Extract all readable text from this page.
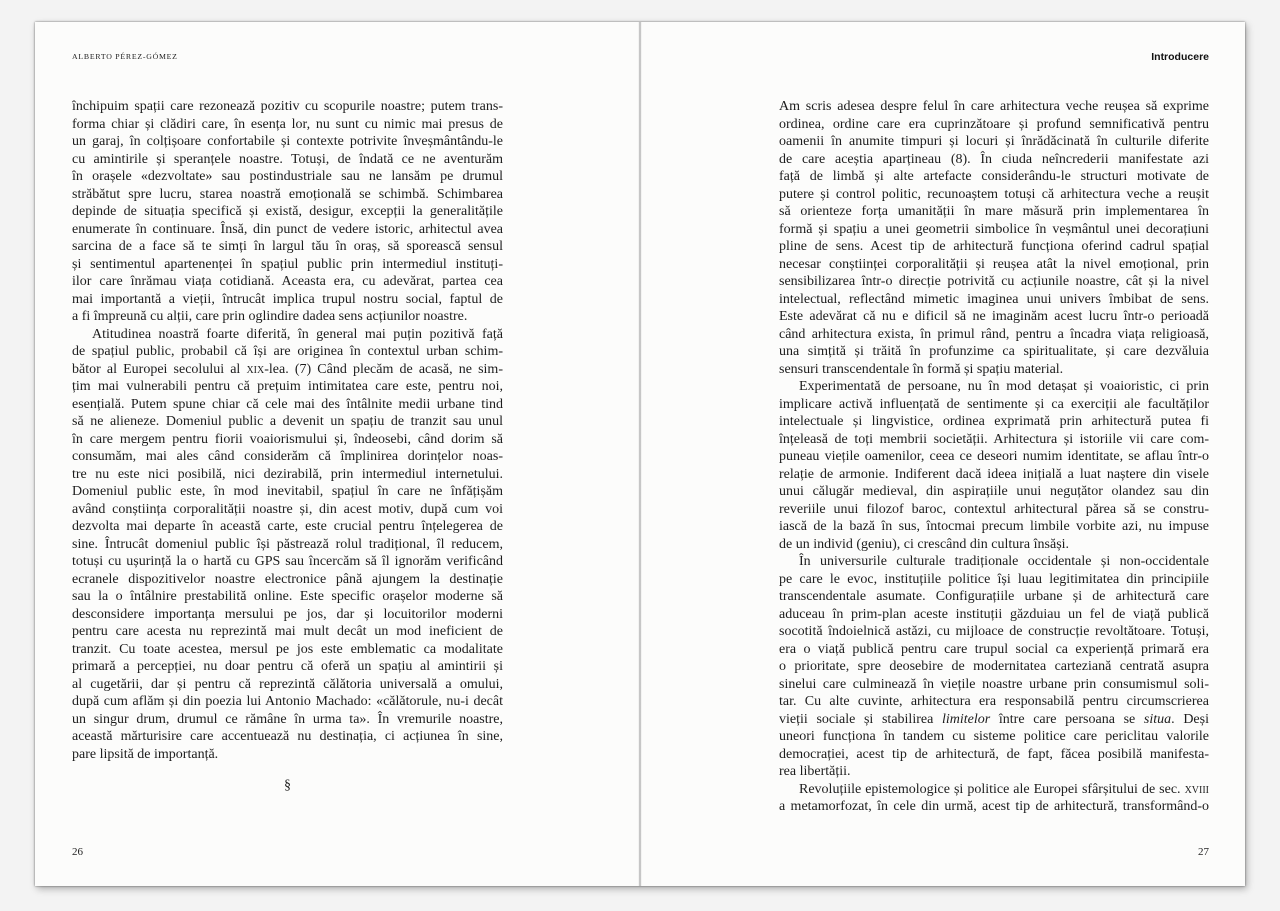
ALBERTO PÉREZ-GÓMEZ
închipuim spații care rezonează pozitiv cu scopurile noastre; putem trans-
forma chiar și clădiri care, în esența lor, nu sunt cu nimic mai presus de
un garaj, în colțișoare confortabile și contexte potrivite înveșmântându-le
cu amintirile și speranțele noastre. Totuși, de îndată ce ne aventurăm
în orașele «dezvoltate» sau postindustriale sau ne lansăm pe drumul
străbătut spre lucru, starea noastră emoțională se schimbă. Schimbarea
depinde de situația specifică și există, desigur, excepții la generalitățile
enumerate în continuare. Însă, din punct de vedere istoric, arhitectul avea
sarcina de a face să te simți în largul tău în oraș, să sporească sensul
și sentimentul apartenenței în spațiul public prin intermediul instituți-
ilor care înrămau viața cotidiană. Aceasta era, cu adevărat, partea cea
mai importantă a vieții, întrucât implica trupul nostru social, faptul de
a fi împreună cu alții, care prin oglindire dadea sens acțiunilor noastre.
Atitudinea noastră foarte diferită, în general mai puțin pozitivă față
de spațiul public, probabil că își are originea în contextul urban schim-
bător al Europei secolului al xix-lea. (7) Când plecăm de acasă, ne sim-
țim mai vulnerabili pentru că prețuim intimitatea care este, pentru noi,
esențială. Putem spune chiar că cele mai des întâlnite medii urbane tind
să ne alieneze. Domeniul public a devenit un spațiu de tranzit sau unul
în care mergem pentru fiorii voaiorismului și, îndeosebi, când dorim să
consumăm, mai ales când considerăm că împlinirea dorințelor noas-
tre nu este nici posibilă, nici dezirabilă, prin intermediul internetului.
Domeniul public este, în mod inevitabil, spațiul în care ne înfățișăm
având conștiința corporalității noastre și, din acest motiv, după cum voi
dezvolta mai departe în această carte, este crucial pentru înțelegerea de
sine. Întrucât domeniul public își păstrează rolul tradițional, îl reducem,
totuși cu ușurință la o hartă cu GPS sau încercăm să îl ignorăm verificând
ecranele dispozitivelor noastre electronice până ajungem la destinație
sau la o întâlnire prestabilită online. Este specific orașelor moderne să
desconsidere importanța mersului pe jos, dar și locuitorilor moderni
pentru care acesta nu reprezintă mai mult decât un mod ineficient de
tranzit. Cu toate acestea, mersul pe jos este emblematic ca modalitate
primară a percepției, nu doar pentru că oferă un spațiu al amintirii și
al cugetării, dar și pentru că reprezintă călătoria universală a omului,
după cum aflăm și din poezia lui Antonio Machado: «călătorule, nu-i decât
un singur drum, drumul ce rămâne în urma ta». În vremurile noastre,
această mărturisire care accentuează nu destinația, ci acțiunea în sine,
pare lipsită de importanță.
§
26
Introducere
Am scris adesea despre felul în care arhitectura veche reușea să exprime
ordinea, ordine care era cuprinzătoare și profund semnificativă pentru
oamenii în anumite timpuri și locuri și înrădăcinată în culturile diferite
de care aceștia aparțineau (8). În ciuda neîncrederii manifestate azi
față de limbă și alte artefacte considerându-le structuri motivate de
putere și control politic, recunoaștem totuși că arhitectura veche a reușit
să orienteze forța umanității în mare măsură prin implementarea în
formă și spațiu a unei geometrii simbolice în veșmântul unei decorațiuni
pline de sens. Acest tip de arhitectură funcționa oferind cadrul spațial
necesar conștiinței corporalității și reușea atât la nivel emoțional, prin
sensibilizarea într-o direcție potrivită cu acțiunile noastre, cât și la nivel
intelectual, reflectând mimetic imaginea unui univers îmbibat de sens.
Este adevărat că nu e dificil să ne imaginăm acest lucru într-o perioadă
când arhitectura exista, în primul rând, pentru a încadra viața religioasă,
una simțită și trăită în profunzime ca spiritualitate, și care dezvăluia
sensuri transcendentale în formă și spațiu material.
Experimentată de persoane, nu în mod detașat și voaioristic, ci prin
implicare activă influențată de sentimente și ca exerciții ale facultăților
intelectuale și lingvistice, ordinea exprimată prin arhitectură putea fi
înțeleasă de toți membrii societății. Arhitectura și istoriile vii care com-
puneau viețile oamenilor, ceea ce deseori numim identitate, se aflau într-o
relație de armonie. Indiferent dacă ideea inițială a luat naștere din visele
unui călugăr medieval, din aspirațiile unui neguțător olandez sau din
reveriile unui filozof baroc, contextul arhitectural părea să se constru-
iască de la bază în sus, întocmai precum limbile vorbite azi, nu impuse
de un individ (geniu), ci crescând din cultura însăși.
În universurile culturale tradiționale occidentale și non-occidentale
pe care le evoc, instituțiile politice își luau legitimitatea din principiile
transcendentale asumate. Configurațiile urbane și de arhitectură care
aduceau în prim-plan aceste instituții găzduiau un fel de viață publică
socotită îndoielnică astăzi, cu mijloace de construcție revoltătoare. Totuși,
era o viață publică pentru care trupul social ca experiență primară era
o prioritate, spre deosebire de modernitatea carteziană centrată asupra
sinelui care culminează în viețile noastre urbane prin consumismul soli-
tar. Cu alte cuvinte, arhitectura era responsabilă pentru circumscrierea
vieții sociale și stabilirea limitelor între care persoana se situa. Deși
uneori funcționa în tandem cu sisteme politice care periclitau valorile
democrației, acest tip de arhitectură, de fapt, făcea posibilă manifesta-
rea libertății.
Revoluțiile epistemologice și politice ale Europei sfârșitului de sec. xviii
a metamorfozat, în cele din urmă, acest tip de arhitectură, transformând-o
27
